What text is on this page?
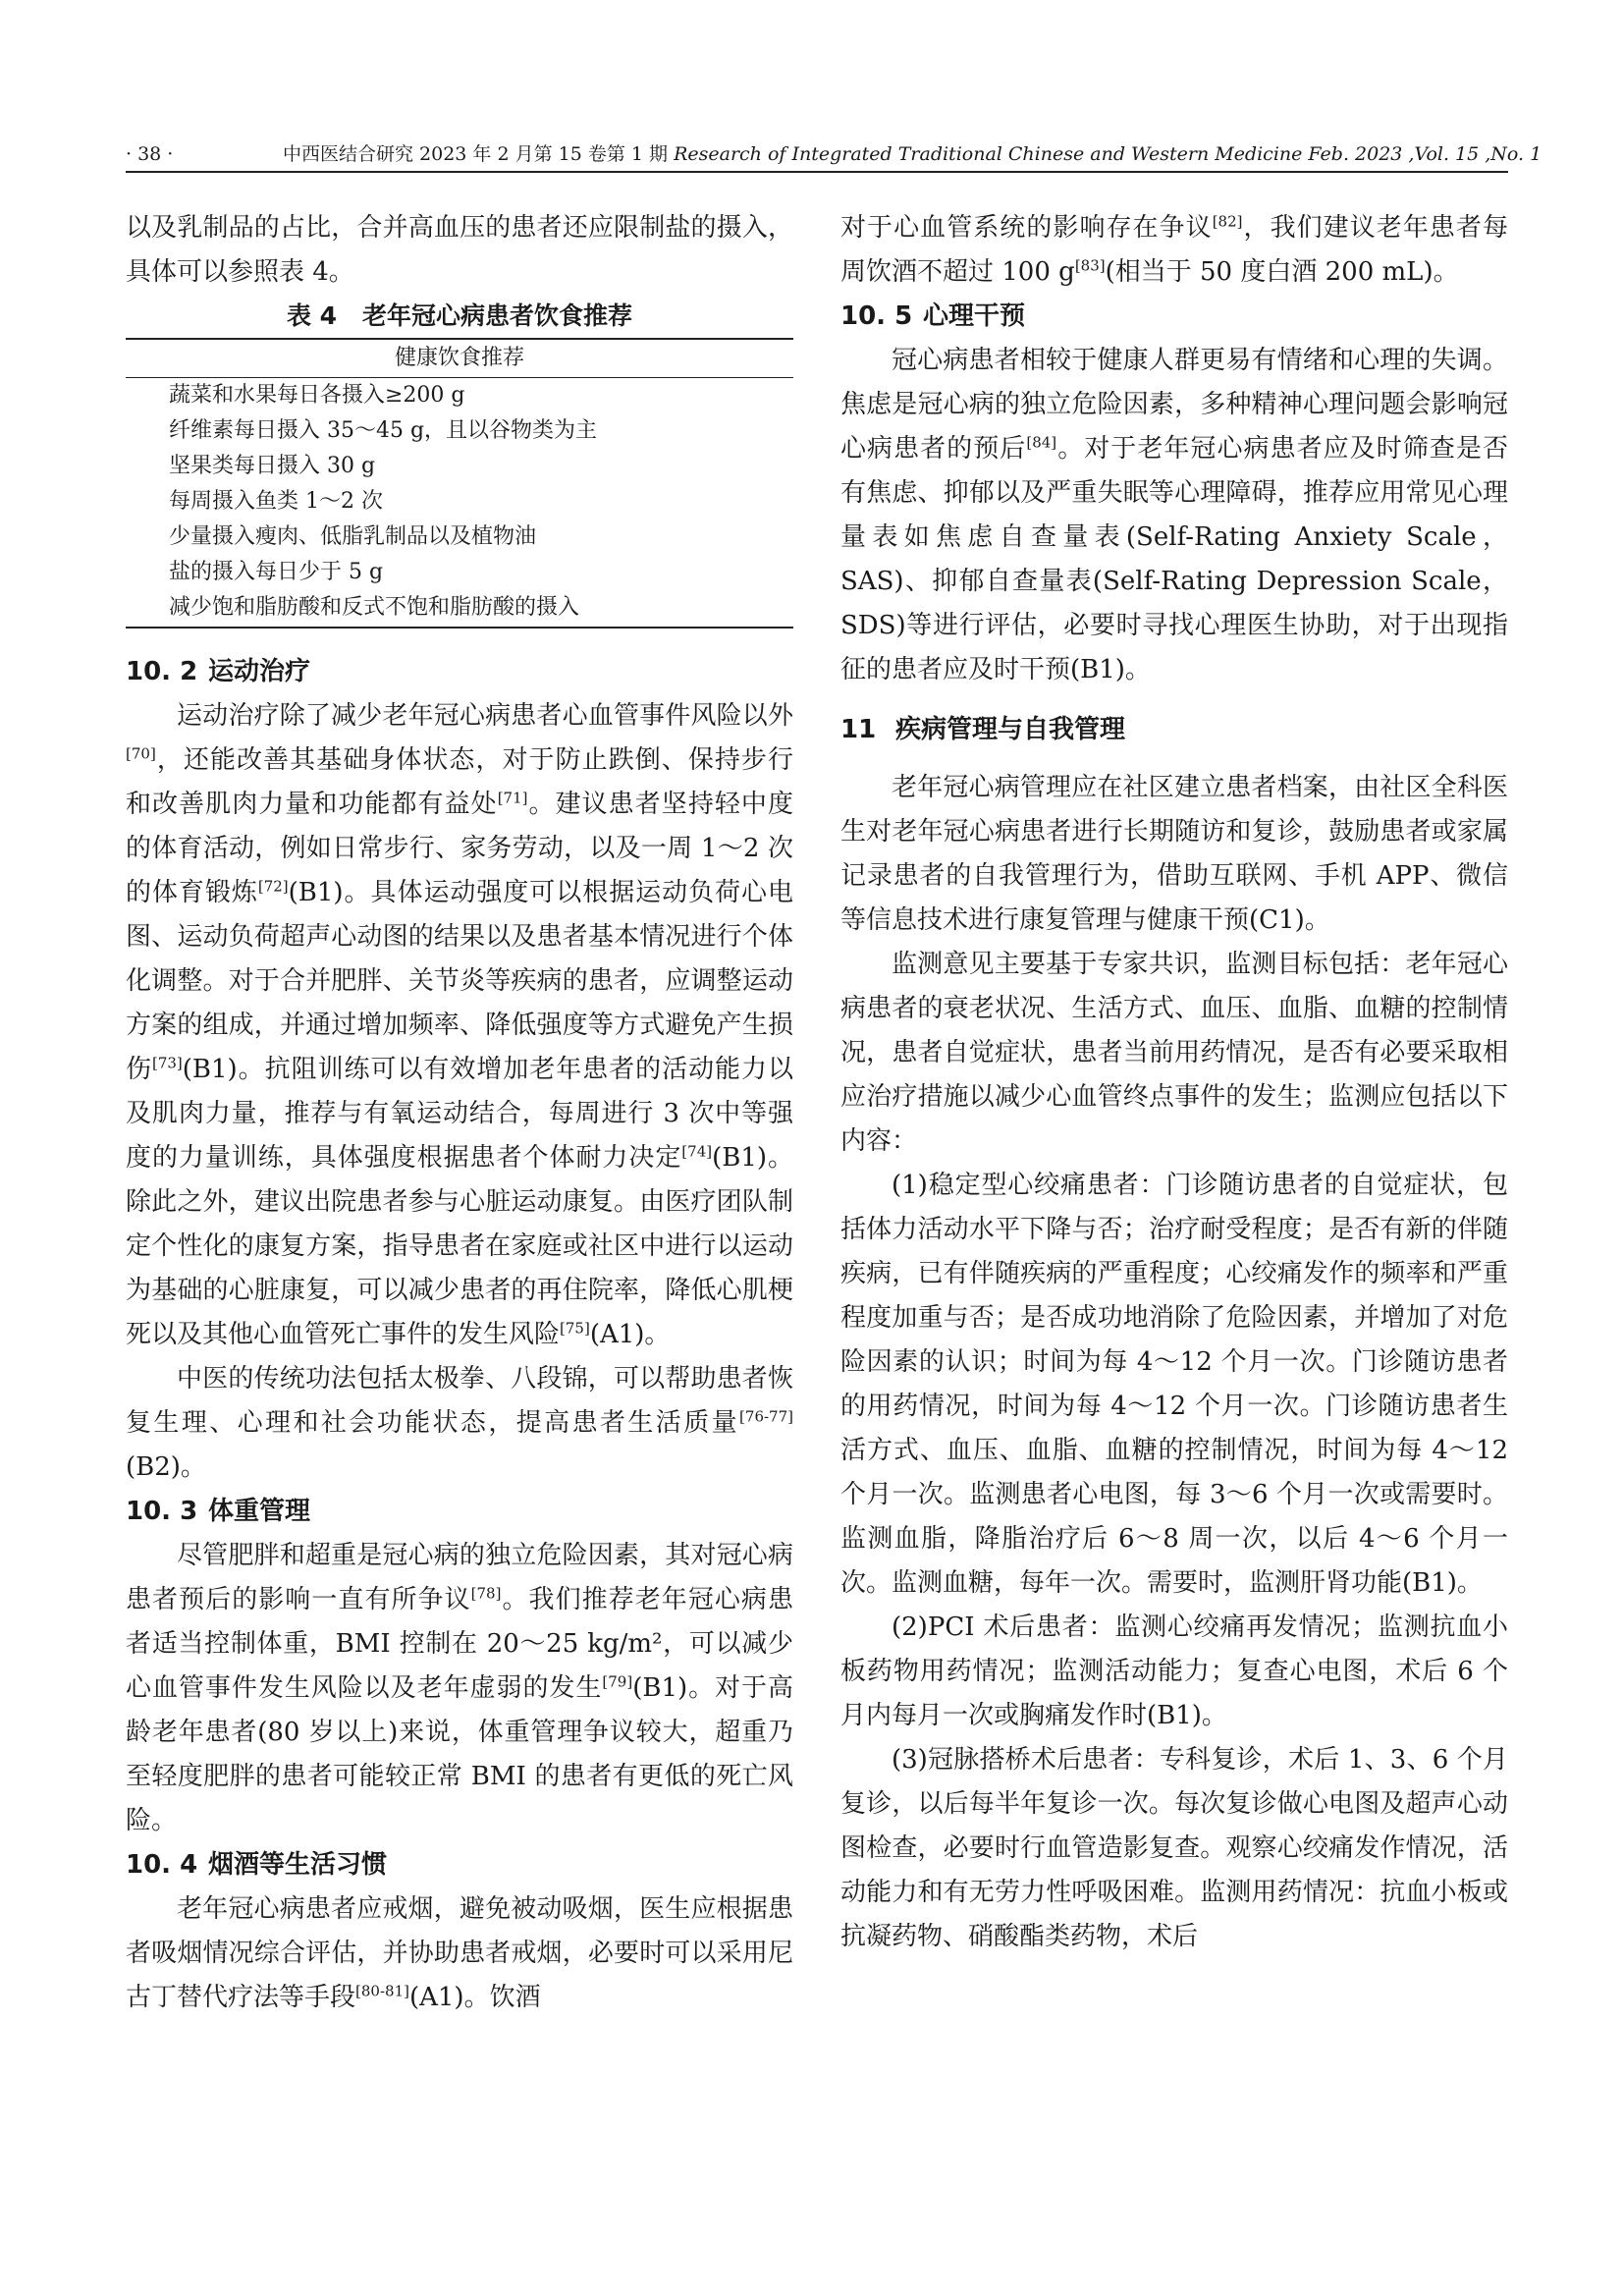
· 38 ·	中西医结合研究 2023 年 2 月第 15 卷第 1 期 Research of Integrated Traditional Chinese and Western Medicine Feb. 2023 ,Vol. 15 ,No. 1

以及乳制品的占比，合并高血压的患者还应限制盐的摄入，具体可以参照表 4。

表 4 老年冠心病患者饮食推荐
健康饮食推荐
蔬菜和水果每日各摄入≥200 g
纤维素每日摄入 35～45 g，且以谷物类为主
坚果类每日摄入 30 g
每周摄入鱼类 1～2 次
少量摄入瘦肉、低脂乳制品以及植物油
盐的摄入每日少于 5 g
减少饱和脂肪酸和反式不饱和脂肪酸的摄入
10. 2 运动治疗

运动治疗除了减少老年冠心病患者心血管事件风险以外[70]，还能改善其基础身体状态，对于防止跌倒、保持步行和改善肌肉力量和功能都有益处[71]。建议患者坚持轻中度的体育活动，例如日常步行、家务劳动，以及一周 1～2 次的体育锻炼[72](B1)。具体运动强度可以根据运动负荷心电图、运动负荷超声心动图的结果以及患者基本情况进行个体化调整。对于合并肥胖、关节炎等疾病的患者，应调整运动方案的组成，并通过增加频率、降低强度等方式避免产生损伤[73](B1)。抗阻训练可以有效增加老年患者的活动能力以及肌肉力量，推荐与有氧运动结合，每周进行 3 次中等强度的力量训练，具体强度根据患者个体耐力决定[74](B1)。除此之外，建议出院患者参与心脏运动康复。由医疗团队制定个性化的康复方案，指导患者在家庭或社区中进行以运动为基础的心脏康复，可以减少患者的再住院率，降低心肌梗死以及其他心血管死亡事件的发生风险[75](A1)。

中医的传统功法包括太极拳、八段锦，可以帮助患者恢复生理、心理和社会功能状态，提高患者生活质量[76-77](B2)。

10. 3 体重管理

尽管肥胖和超重是冠心病的独立危险因素，其对冠心病患者预后的影响一直有所争议[78]。我们推荐老年冠心病患者适当控制体重，BMI 控制在 20～25 kg/m²，可以减少心血管事件发生风险以及老年虚弱的发生[79](B1)。对于高龄老年患者(80 岁以上)来说，体重管理争议较大，超重乃至轻度肥胖的患者可能较正常 BMI 的患者有更低的死亡风险。

10. 4 烟酒等生活习惯

老年冠心病患者应戒烟，避免被动吸烟，医生应根据患者吸烟情况综合评估，并协助患者戒烟，必要时可以采用尼古丁替代疗法等手段[80-81](A1)。饮酒

对于心血管系统的影响存在争议[82]，我们建议老年患者每周饮酒不超过 100 g[83](相当于 50 度白酒 200 mL)。

10. 5 心理干预

冠心病患者相较于健康人群更易有情绪和心理的失调。焦虑是冠心病的独立危险因素，多种精神心理问题会影响冠心病患者的预后[84]。对于老年冠心病患者应及时筛查是否有焦虑、抑郁以及严重失眠等心理障碍，推荐应用常见心理量表如焦虑自查量表(Self-Rating Anxiety Scale，SAS)、抑郁自查量表(Self-Rating Depression Scale，SDS)等进行评估，必要时寻找心理医生协助，对于出现指征的患者应及时干预(B1)。

11 疾病管理与自我管理

老年冠心病管理应在社区建立患者档案，由社区全科医生对老年冠心病患者进行长期随访和复诊，鼓励患者或家属记录患者的自我管理行为，借助互联网、手机 APP、微信等信息技术进行康复管理与健康干预(C1)。

监测意见主要基于专家共识，监测目标包括：老年冠心病患者的衰老状况、生活方式、血压、血脂、血糖的控制情况，患者自觉症状，患者当前用药情况，是否有必要采取相应治疗措施以减少心血管终点事件的发生；监测应包括以下内容：

(1)稳定型心绞痛患者：门诊随访患者的自觉症状，包括体力活动水平下降与否；治疗耐受程度；是否有新的伴随疾病，已有伴随疾病的严重程度；心绞痛发作的频率和严重程度加重与否；是否成功地消除了危险因素，并增加了对危险因素的认识；时间为每 4～12 个月一次。门诊随访患者的用药情况，时间为每 4～12 个月一次。门诊随访患者生活方式、血压、血脂、血糖的控制情况，时间为每 4～12 个月一次。监测患者心电图，每 3～6 个月一次或需要时。监测血脂，降脂治疗后 6～8 周一次，以后 4～6 个月一次。监测血糖，每年一次。需要时，监测肝肾功能(B1)。

(2)PCI 术后患者：监测心绞痛再发情况；监测抗血小板药物用药情况；监测活动能力；复查心电图，术后 6 个月内每月一次或胸痛发作时(B1)。

(3)冠脉搭桥术后患者：专科复诊，术后 1、3、6 个月复诊，以后每半年复诊一次。每次复诊做心电图及超声心动图检查，必要时行血管造影复查。观察心绞痛发作情况，活动能力和有无劳力性呼吸困难。监测用药情况：抗血小板或抗凝药物、硝酸酯类药物，术后
